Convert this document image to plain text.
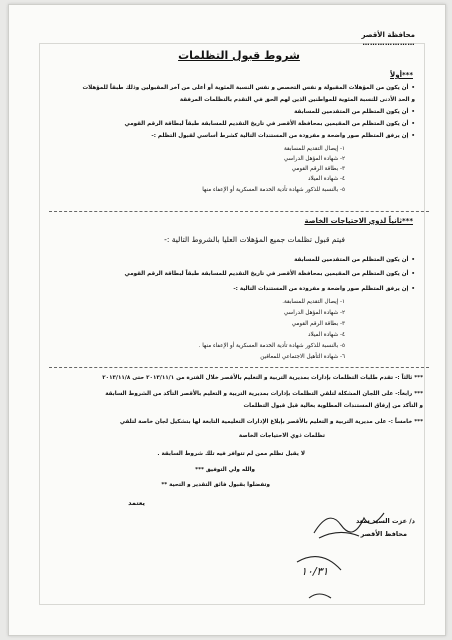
محافظة الأقصر
…………………
شروط قبول التظلمات
***أولاً
• أن يكون من المؤهلات المقبولة و نفس التخصص و نفس النسبة المئوية أو أعلى من آخر المقبولين وذلك طبقاً للمؤهلات
و الحد الأدنى للنسبة المئوية للمواطنين الذين لهم الحق في التقدم بالتظلمات المرفقة
• أن يكون المتظلم من المتقدمين للمسابقة
• أن يكون المتظلم من المقيمين بمحافظة الأقصر في تاريخ التقديم للمسابقة طبقاً لبطاقة الرقم القومي
• إن يرفق المتظلم صور واضحة و مفرودة من المستندات التالية كشرط أساسي لقبول التظلم :-
١- إيصال التقديم للمسابقة
٢- شهادة المؤهل الدراسي
٣- بطاقة الرقم القومي
٤- شهادة الميلاد
٥- بالنسبة للذكور شهادة تأدية الخدمة العسكرية أو الإعفاء منها
***ثانياً لذوي الاحتياجات الخاصة
فيتم قبول تظلمات جميع المؤهلات العليا بالشروط التالية :-
• أن يكون المتظلم من المتقدمين للمسابقة
• أن يكون المتظلم من المقيمين بمحافظة الأقصر في تاريخ التقديم للمسابقة طبقاً لبطاقة الرقم القومي
• إن يرفق المتظلم صور واضحة و مفرودة من المستندات التالية :-
١- إيصال التقديم للمسابقة.
٢- شهادة المؤهل الدراسي
٣- بطاقة الرقم القومي
٤- شهادة الميلاد
٥- بالنسبة للذكور شهادة تأدية الخدمة العسكرية أو الإعفاء منها .
٦- شهادة التأهيل الاجتماعي للمعاقين
*** ثالثاً :- تقدم طلبات التظلمات بإدارات بمديرية التربية و التعليم بالأقصر خلال الفترة من ٢٠١٣/١١/١ حتى ٢٠١٣/١١/٨
*** رابعاً:- على اللجان المشكلة لتلقي التظلمات بإدارات بمديرية التربية و التعليم بالأقصر التأكد من الشروط السابقة
و التأكد من إرفاق المستندات المطلوبة بعالية قبل قبول التظلمات
*** خامساً :- على مديرية التربية و التعليم بالأقصر بإبلاغ الإدارات التعليمية التابعة لها بتشكيل لجان خاصة لتلقي
تظلمات ذوي الاحتياجات الخاصة
لا يقبل تظلم ممن لم تتوافر فيه تلك شروط السابقة .
والله ولي التوفيق ***
وتفضلوا بقبول فائق التقدير و التحية **
يعتمد
د/ عزت السيد سعد
محافظ الأقصر
١٠/٣١
